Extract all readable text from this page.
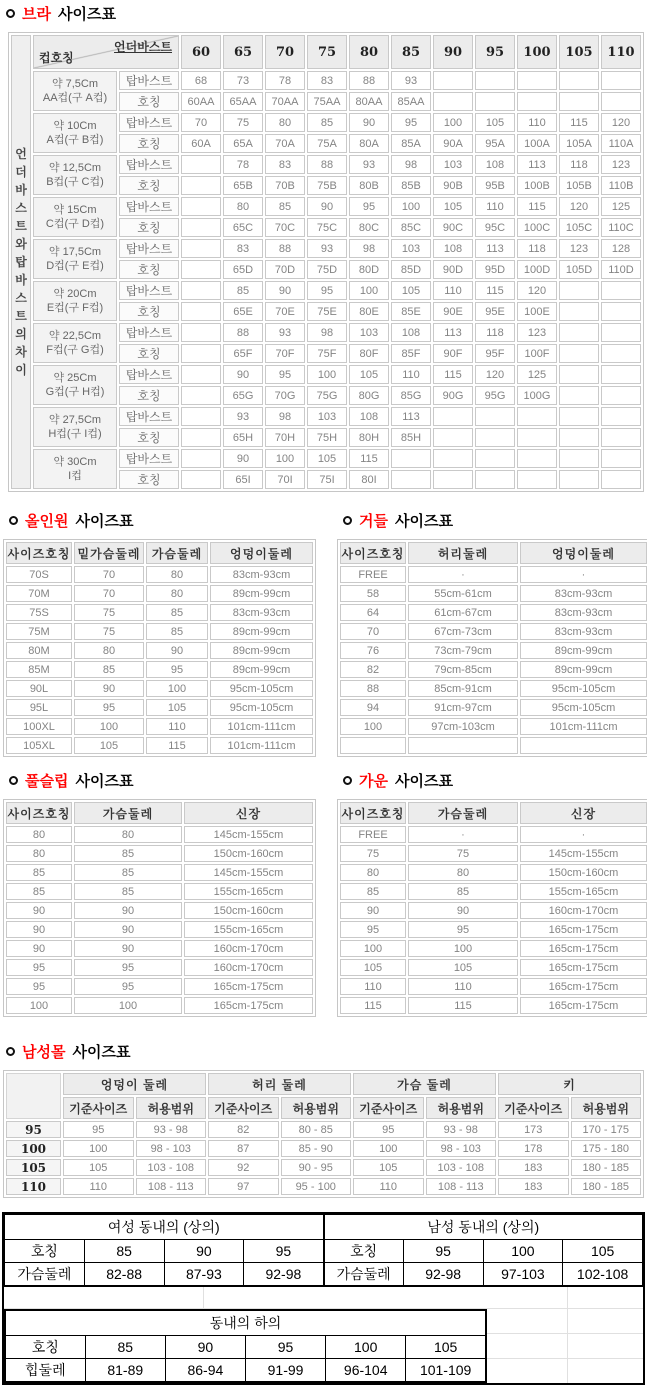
브라 사이즈표
언더바스트와 탑바스트의 차이
언더바스트
컵호칭		60	65	70	75	80	85	90	95	100	105	110

약 7,5Cm
AA컵(구 A컵)	탑바스트	68	73	78	83	88	93					
	호칭	60AA	65AA	70AA	75AA	80AA	85AA					

약 10Cm
A컵(구 B컵)	탑바스트	70	75	80	85	90	95	100	105	110	115	120
	호칭	60A	65A	70A	75A	80A	85A	90A	95A	100A	105A	110A

약 12,5Cm
B컵(구 C컵)	탑바스트		78	83	88	93	98	103	108	113	118	123
	호칭		65B	70B	75B	80B	85B	90B	95B	100B	105B	110B

약 15Cm
C컵(구 D컵)	탑바스트		80	85	90	95	100	105	110	115	120	125
	호칭		65C	70C	75C	80C	85C	90C	95C	100C	105C	110C

약 17,5Cm
D컵(구 E컵)	탑바스트		83	88	93	98	103	108	113	118	123	128
	호칭		65D	70D	75D	80D	85D	90D	95D	100D	105D	110D

약 20Cm
E컵(구 F컵)	탑바스트		85	90	95	100	105	110	115	120		
	호칭		65E	70E	75E	80E	85E	90E	95E	100E		

약 22,5Cm
F컵(구 G컵)	탑바스트		88	93	98	103	108	113	118	123		
	호칭		65F	70F	75F	80F	85F	90F	95F	100F		

약 25Cm
G컵(구 H컵)	탑바스트		90	95	100	105	110	115	120	125		
	호칭		65G	70G	75G	80G	85G	90G	95G	100G		

약 27,5Cm
H컵(구 I컵)	탑바스트		93	98	103	108	113					
	호칭		65H	70H	75H	80H	85H					

약 30Cm
I컵	탑바스트		90	100	105	115						
	호칭		65I	70I	75I	80I						
올인원 사이즈표
사이즈호칭	밑가슴둘레	가슴둘레	엉덩이둘레
70S	70	80	83cm-93cm
70M	70	80	89cm-99cm
75S	75	85	83cm-93cm
75M	75	85	89cm-99cm
80M	80	90	89cm-99cm
85M	85	95	89cm-99cm
90L	90	100	95cm-105cm
95L	95	105	95cm-105cm
100XL	100	110	101cm-111cm
105XL	105	115	101cm-111cm
거들 사이즈표
사이즈호칭	허리둘레	엉덩이둘레
FREE	·	·
58	55cm-61cm	83cm-93cm
64	61cm-67cm	83cm-93cm
70	67cm-73cm	83cm-93cm
76	73cm-79cm	89cm-99cm
82	79cm-85cm	89cm-99cm
88	85cm-91cm	95cm-105cm
94	91cm-97cm	95cm-105cm
100	97cm-103cm	101cm-111cm

풀슬립 사이즈표
사이즈호칭	가슴둘레	신장
80	80	145cm-155cm
80	85	150cm-160cm
85	85	145cm-155cm
85	85	155cm-165cm
90	90	150cm-160cm
90	90	155cm-165cm
90	90	160cm-170cm
95	95	160cm-170cm
95	95	165cm-175cm
100	100	165cm-175cm
가운 사이즈표
사이즈호칭	가슴둘레	신장
FREE	·	·
75	75	145cm-155cm
80	80	150cm-160cm
85	85	155cm-165cm
90	90	160cm-170cm
95	95	165cm-175cm
100	100	165cm-175cm
105	105	165cm-175cm
110	110	165cm-175cm
115	115	165cm-175cm
남성몰 사이즈표
	엉덩이 둘레		허리 둘레		가슴 둘레		키	
	기준사이즈	허용범위	기준사이즈	허용범위	기준사이즈	허용범위	기준사이즈	허용범위
95	95	93 - 98	82	80 - 85	95	93 - 98	173	170 - 175
100	100	98 - 103	87	85 - 90	100	98 - 103	178	175 - 180
105	105	103 - 108	92	90 - 95	105	103 - 108	183	180 - 185
110	110	108 - 113	97	95 - 100	110	108 - 113	183	180 - 185
여성 동내의 (상의)				남성 동내의 (상의)			
호칭	85	90	95	호칭	95	100	105
가슴둘레	82-88	87-93	92-98	가슴둘레	92-98	97-103	102-108
동내의 하의					
호칭	85	90	95	100	105
힙둘레	81-89	86-94	91-99	96-104	101-109
